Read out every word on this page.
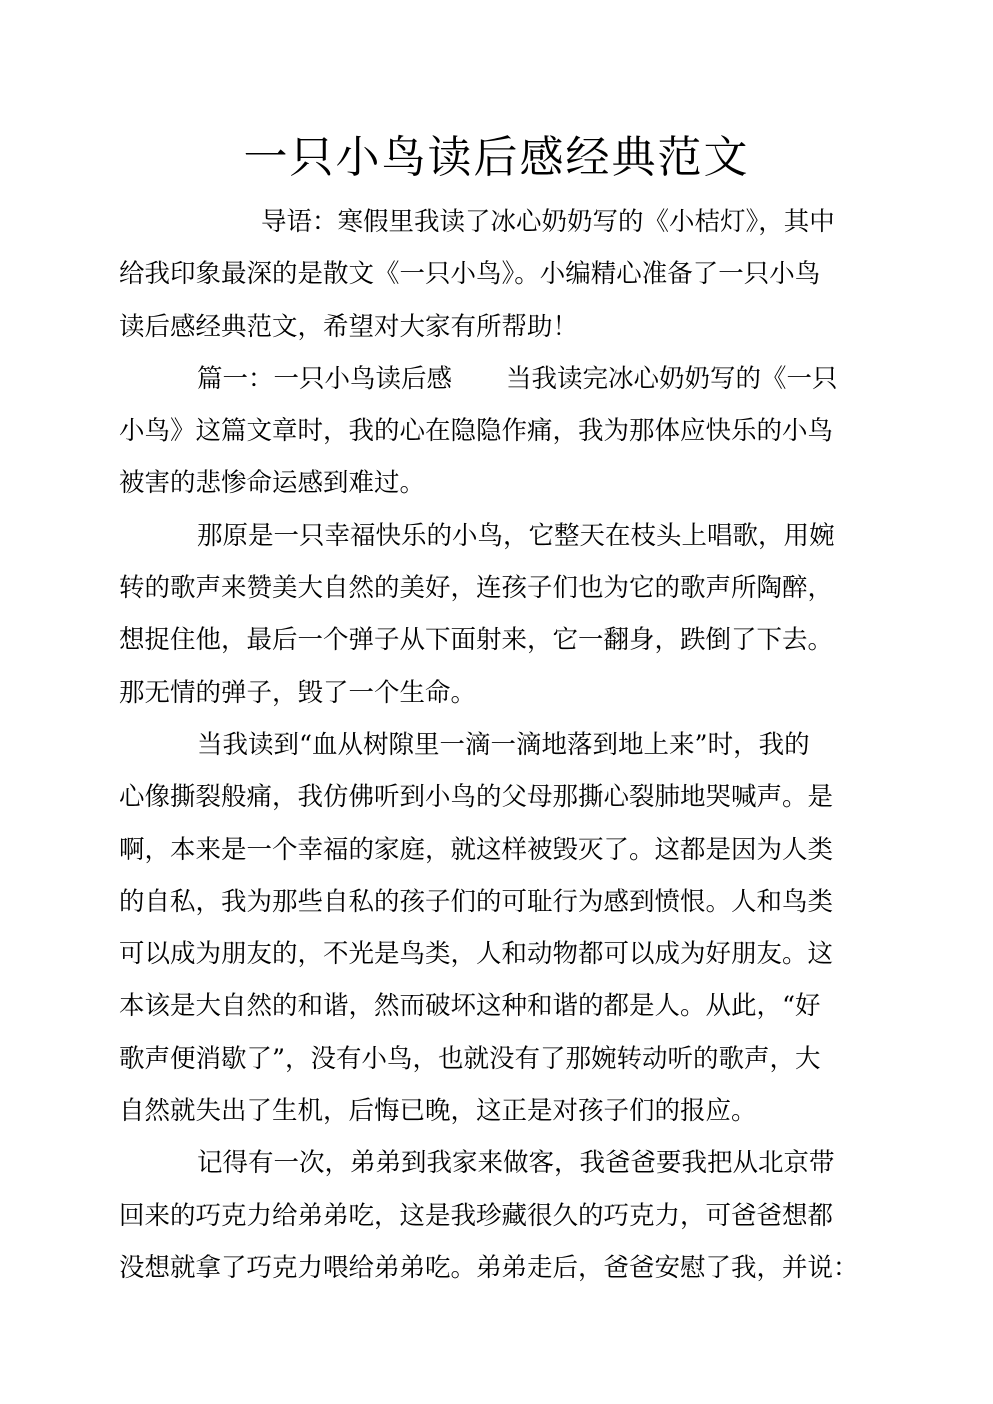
一只小鸟读后感经典范文

导语：寒假里我读了冰心奶奶写的《小桔灯》，其中
给我印象最深的是散文《一只小鸟》。小编精心准备了一只小鸟
读后感经典范文，希望对大家有所帮助！

篇一：一只小鸟读后感 当我读完冰心奶奶写的《一只
小鸟》这篇文章时，我的心在隐隐作痛，我为那体应快乐的小鸟
被害的悲惨命运感到难过。

那原是一只幸福快乐的小鸟，它整天在枝头上唱歌，用婉
转的歌声来赞美大自然的美好，连孩子们也为它的歌声所陶醉，
想捉住他，最后一个弹子从下面射来，它一翻身，跌倒了下去。
那无情的弹子，毁了一个生命。

当我读到“血从树隙里一滴一滴地落到地上来”时，我的
心像撕裂般痛，我仿佛听到小鸟的父母那撕心裂肺地哭喊声。是
啊，本来是一个幸福的家庭，就这样被毁灭了。这都是因为人类
的自私，我为那些自私的孩子们的可耻行为感到愤恨。人和鸟类
可以成为朋友的，不光是鸟类，人和动物都可以成为好朋友。这
本该是大自然的和谐，然而破坏这种和谐的都是人。从此，“好
歌声便消歇了”，没有小鸟，也就没有了那婉转动听的歌声，大
自然就失出了生机，后悔已晚，这正是对孩子们的报应。

记得有一次，弟弟到我家来做客，我爸爸要我把从北京带
回来的巧克力给弟弟吃，这是我珍藏很久的巧克力，可爸爸想都
没想就拿了巧克力喂给弟弟吃。弟弟走后，爸爸安慰了我，并说：
